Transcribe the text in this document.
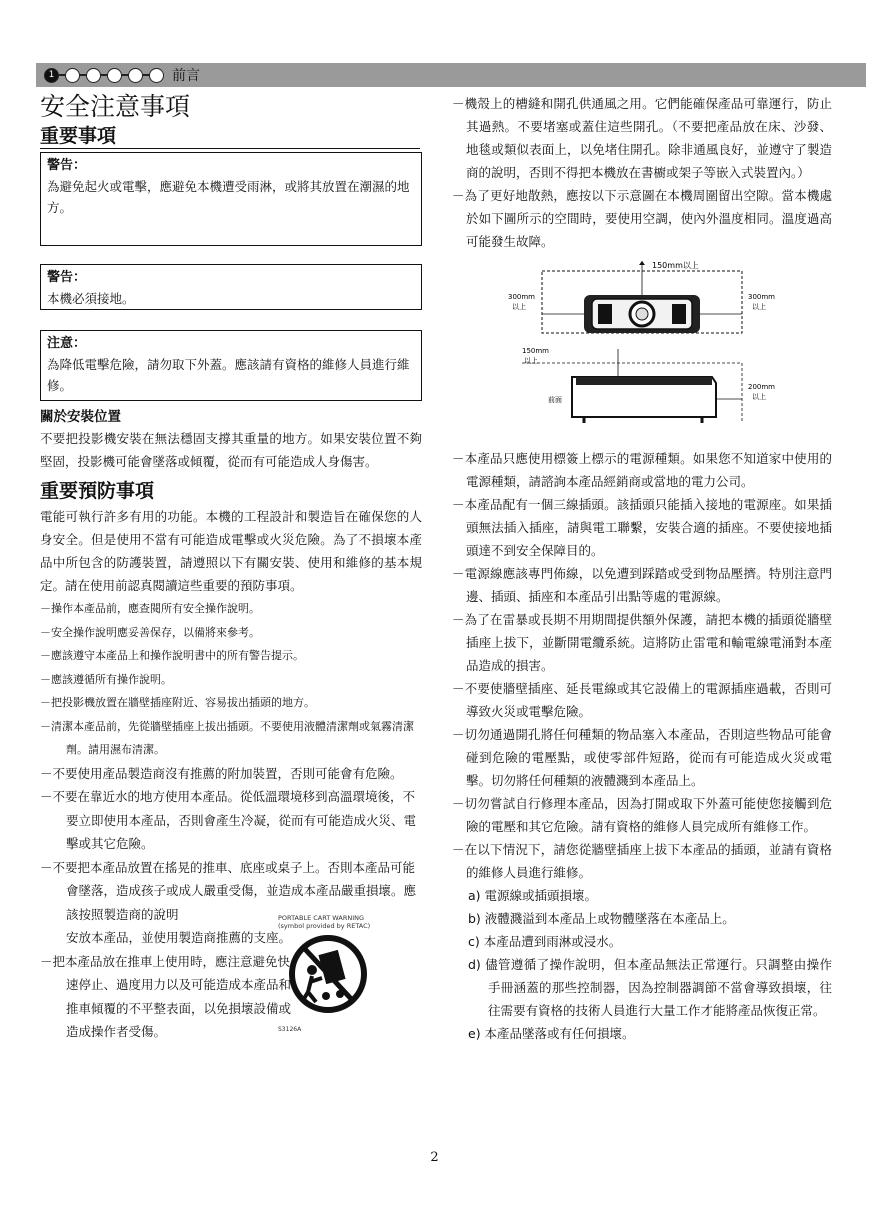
1	前言
安全注意事項
重要事項
警告：
為避免起火或電擊，應避免本機遭受雨淋，或將其放置在潮濕的地方。
警告：
本機必須接地。
注意：
為降低電擊危險，請勿取下外蓋。應該請有資格的維修人員進行維修。
關於安裝位置

不要把投影機安裝在無法穩固支撐其重量的地方。如果安裝位置不夠堅固，投影機可能會墜落或傾覆，從而有可能造成人身傷害。

重要預防事項

電能可執行許多有用的功能。本機的工程設計和製造旨在確保您的人身安全。但是使用不當有可能造成電擊或火災危險。為了不損壞本產品中所包含的防護裝置，請遵照以下有關安裝、使用和維修的基本規定。請在使用前認真閱讀這些重要的預防事項。

－操作本產品前，應查閱所有安全操作說明。
－安全操作說明應妥善保存，以備將來參考。
－應該遵守本產品上和操作說明書中的所有警告提示。
－應該遵循所有操作說明。
－把投影機放置在牆壁插座附近、容易拔出插頭的地方。
－清潔本產品前，先從牆壁插座上拔出插頭。不要使用液體清潔劑或氣霧清潔劑。請用濕布清潔。
－不要使用產品製造商沒有推薦的附加裝置，否則可能會有危險。
－不要在靠近水的地方使用本產品。從低溫環境移到高溫環境後，不要立即使用本產品，否則會產生冷凝，從而有可能造成火災、電擊或其它危險。
－不要把本產品放置在搖晃的推車、底座或桌子上。否則本產品可能會墜落，造成孩子或成人嚴重受傷，並造成本產品嚴重損壞。應該按照製造商的說明
安放本產品，並使用製造商推薦的支座。
－把本產品放在推車上使用時，應注意避免快速停止、過度用力以及可能造成本產品和推車傾覆的不平整表面，以免損壞設備或造成操作者受傷。
PORTABLE CART WARNING
(symbol provided by RETAC)
S3126A
－機殼上的槽縫和開孔供通風之用。它們能確保產品可靠運行，防止其過熱。不要堵塞或蓋住這些開孔。（不要把產品放在床、沙發、地毯或類似表面上，以免堵住開孔。除非通風良好，並遵守了製造商的說明，否則不得把本機放在書櫥或架子等嵌入式裝置內。）
－為了更好地散熱，應按以下示意圖在本機周圍留出空隙。當本機處於如下圖所示的空間時，要使用空調，使內外溫度相同。溫度過高可能發生故障。
150mm以上
300mm
以上
300mm
以上
150mm
以上
前面
200mm
以上
－本產品只應使用標簽上標示的電源種類。如果您不知道家中使用的電源種類，請諮詢本產品經銷商或當地的電力公司。
－本產品配有一個三線插頭。該插頭只能插入接地的電源座。如果插頭無法插入插座，請與電工聯繫，安裝合適的插座。不要使接地插頭達不到安全保障目的。
－電源線應該專門佈線，以免遭到踩踏或受到物品壓擠。特別注意門邊、插頭、插座和本產品引出點等處的電源線。
－為了在雷暴或長期不用期間提供額外保護，請把本機的插頭從牆壁插座上拔下，並斷開電纜系統。這將防止雷電和輸電線電涌對本產品造成的損害。
－不要使牆壁插座、延長電線或其它設備上的電源插座過載，否則可導致火災或電擊危險。
－切勿通過開孔將任何種類的物品塞入本產品，否則這些物品可能會碰到危險的電壓點，或使零部件短路，從而有可能造成火災或電擊。切勿將任何種類的液體濺到本產品上。
－切勿嘗試自行修理本產品，因為打開或取下外蓋可能使您接觸到危險的電壓和其它危險。請有資格的維修人員完成所有維修工作。
－在以下情況下，請您從牆壁插座上拔下本產品的插頭，並請有資格的維修人員進行維修。
a) 電源線或插頭損壞。
b) 液體濺溢到本產品上或物體墜落在本產品上。
c) 本產品遭到雨淋或浸水。
d) 儘管遵循了操作說明，但本產品無法正常運行。只調整由操作手冊涵蓋的那些控制器，因為控制器調節不當會導致損壞，往往需要有資格的技術人員進行大量工作才能將產品恢復正常。
e) 本產品墜落或有任何損壞。
2
